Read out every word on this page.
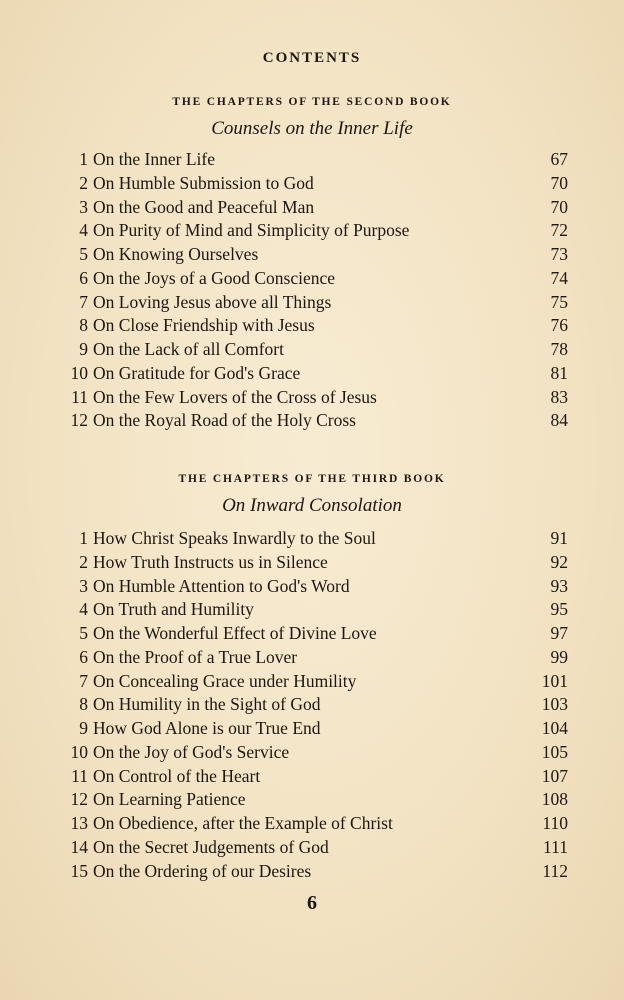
CONTENTS
THE CHAPTERS OF THE SECOND BOOK
Counsels on the Inner Life
1 On the Inner Life	67
2 On Humble Submission to God	70
3 On the Good and Peaceful Man	70
4 On Purity of Mind and Simplicity of Purpose	72
5 On Knowing Ourselves	73
6 On the Joys of a Good Conscience	74
7 On Loving Jesus above all Things	75
8 On Close Friendship with Jesus	76
9 On the Lack of all Comfort	78
10 On Gratitude for God's Grace	81
11 On the Few Lovers of the Cross of Jesus	83
12 On the Royal Road of the Holy Cross	84
THE CHAPTERS OF THE THIRD BOOK
On Inward Consolation
1 How Christ Speaks Inwardly to the Soul	91
2 How Truth Instructs us in Silence	92
3 On Humble Attention to God's Word	93
4 On Truth and Humility	95
5 On the Wonderful Effect of Divine Love	97
6 On the Proof of a True Lover	99
7 On Concealing Grace under Humility	101
8 On Humility in the Sight of God	103
9 How God Alone is our True End	104
10 On the Joy of God's Service	105
11 On Control of the Heart	107
12 On Learning Patience	108
13 On Obedience, after the Example of Christ	110
14 On the Secret Judgements of God	111
15 On the Ordering of our Desires	112
6
